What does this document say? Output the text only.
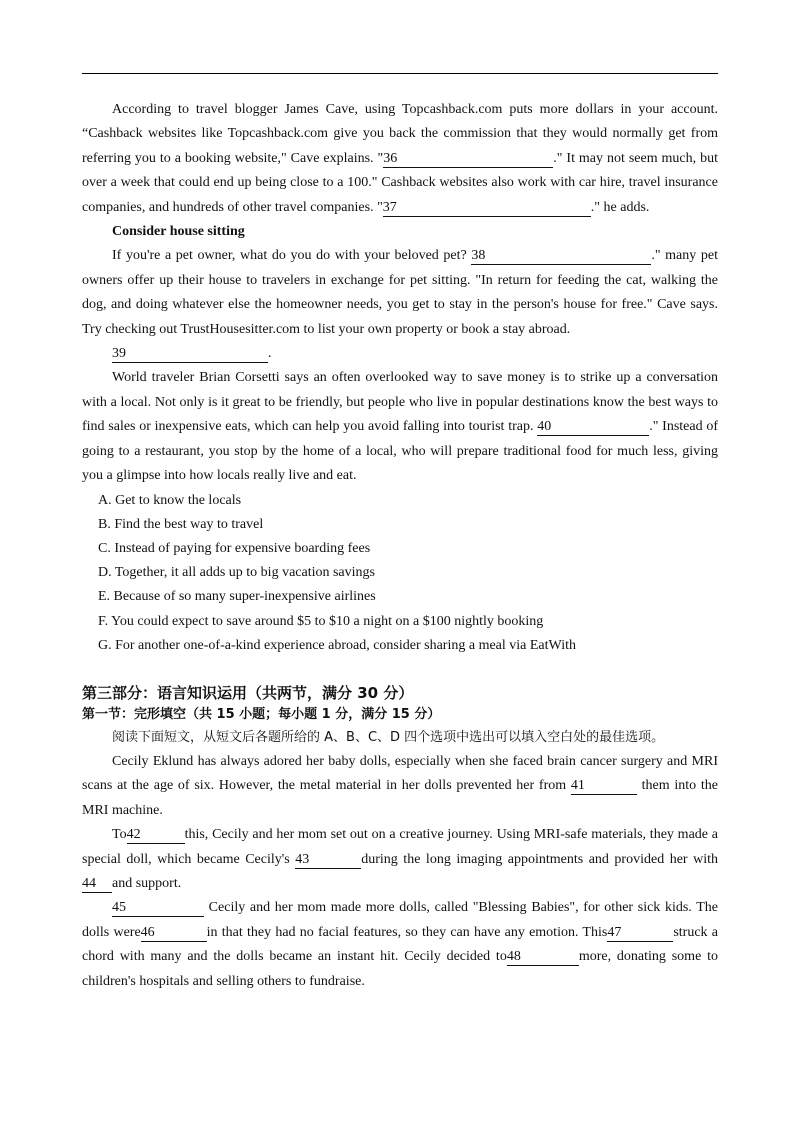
According to travel blogger James Cave, using Topcashback.com puts more dollars in your account. “Cashback websites like Topcashback.com give you back the commission that they would normally get from referring you to a booking website," Cave explains. "36	." It may not seem much, but over a week that could end up being close to a 100." Cashback websites also work with car hire, travel insurance companies, and hundreds of other travel companies. "37	." he adds.

Consider house sitting

If you're a pet owner, what do you do with your beloved pet? 38	." many pet owners offer up their house to travelers in exchange for pet sitting. "In return for feeding the cat, walking the dog, and doing whatever else the homeowner needs, you get to stay in the person's house for free." Cave says. Try checking out TrustHousesitter.com to list your own property or book a stay abroad.

39	.

World traveler Brian Corsetti says an often overlooked way to save money is to strike up a conversation with a local. Not only is it great to be friendly, but people who live in popular destinations know the best ways to find sales or inexpensive eats, which can help you avoid falling into tourist trap. 40	." Instead of going to a restaurant, you stop by the home of a local, who will prepare traditional food for much less, giving you a glimpse into how locals really live and eat.

A. Get to know the locals

B. Find the best way to travel

C. Instead of paying for expensive boarding fees

D. Together, it all adds up to big vacation savings

E. Because of so many super-inexpensive airlines

F. You could expect to save around $5 to $10 a night on a $100 nightly booking

G. For another one-of-a-kind experience abroad, consider sharing a meal via EatWith

第三部分：语言知识运用（共两节，满分 30 分）

第一节：完形填空（共 15 小题；每小题 1 分，满分 15 分）

阅读下面短文，从短文后各题所给的 A、B、C、D 四个选项中选出可以填入空白处的最佳选项。

Cecily Eklund has always adored her baby dolls, especially when she faced brain cancer surgery and MRI scans at the age of six. However, the metal material in her dolls prevented her from 41	them into the MRI machine.

To42	this, Cecily and her mom set out on a creative journey. Using MRI-safe materials, they made a special doll, which became Cecily's 43	during the long imaging appointments and provided her with 44 and support.

45	Cecily and her mom made more dolls, called "Blessing Babies", for other sick kids. The dolls were46	in that they had no facial features, so they can have any emotion. This47	struck a chord with many and the dolls became an instant hit. Cecily decided to48	more, donating some to children's hospitals and selling others to fundraise.
